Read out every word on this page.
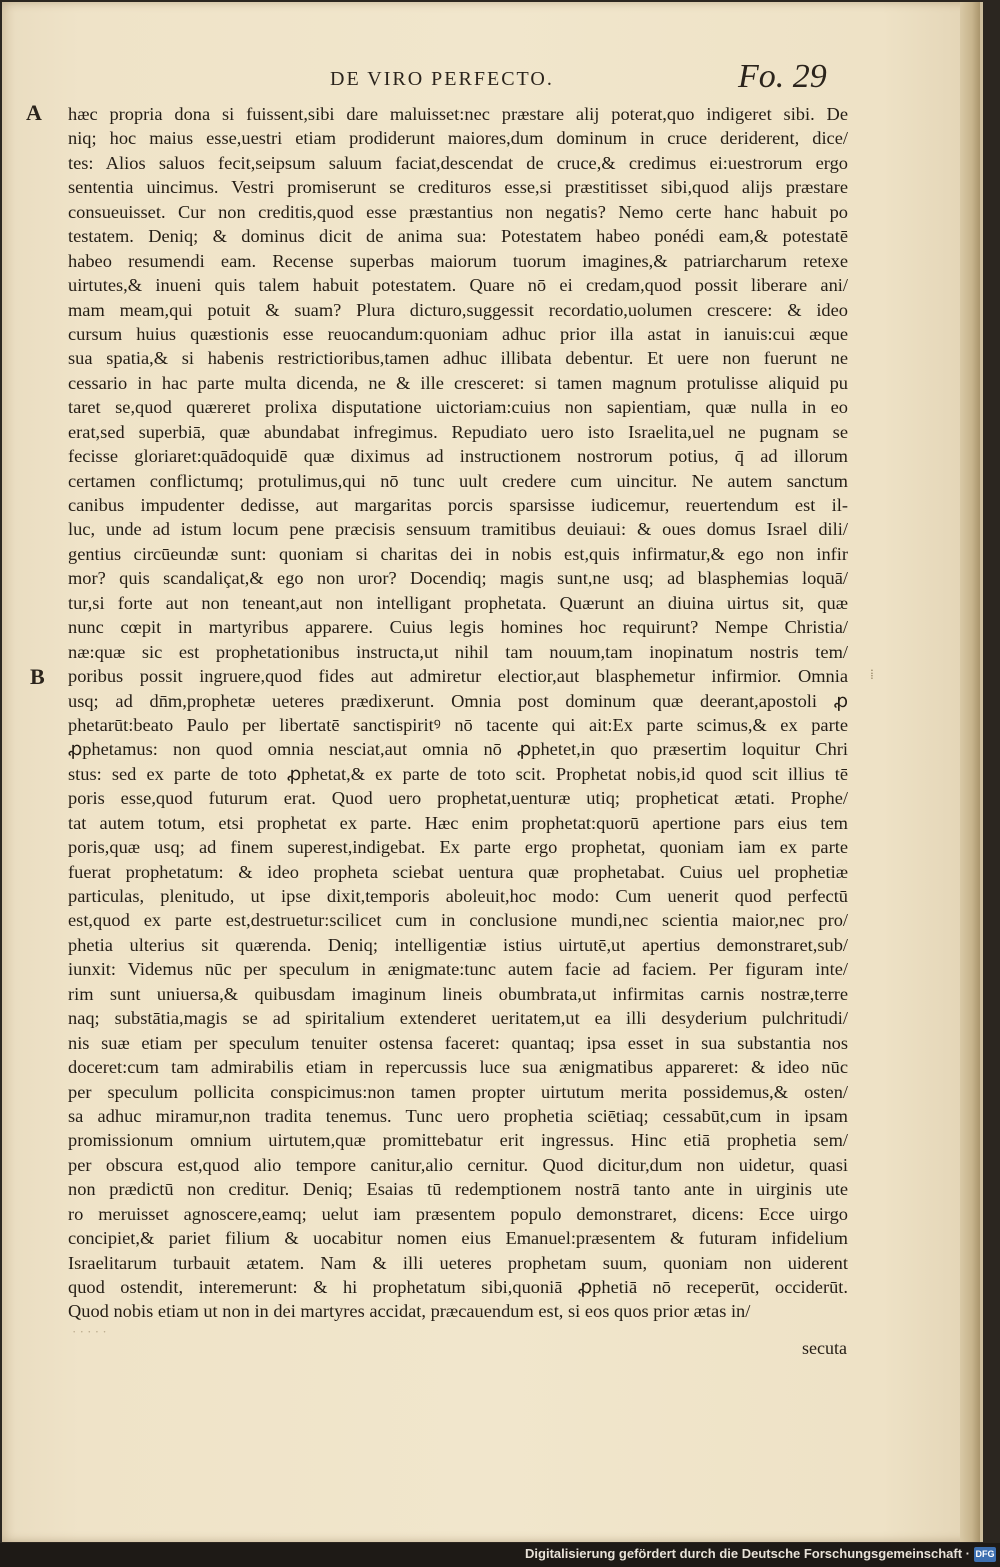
DE VIRO PERFECTO.	Fo. 29
A
B
hæc propria dona si fuissent,sibi dare maluisset:nec præstare alij poterat,quo indigeret sibi. De
niq; hoc maius esse,uestri etiam prodiderunt maiores,dum dominum in cruce deriderent, dice/
tes: Alios saluos fecit,seipsum saluum faciat,descendat de cruce,& credimus ei:uestrorum ergo
sententia uincimus. Vestri promiserunt se credituros esse,si præstitisset sibi,quod alijs præstare
consueuisset. Cur non creditis,quod esse præstantius non negatis? Nemo certe hanc habuit po
testatem. Deniq; & dominus dicit de anima sua: Potestatem habeo ponédi eam,& potestatē
habeo resumendi eam. Recense superbas maiorum tuorum imagines,& patriarcharum retexe
uirtutes,& inueni quis talem habuit potestatem. Quare nō ei credam,quod possit liberare ani/
mam meam,qui potuit & suam? Plura dicturo,suggessit recordatio,uolumen crescere: & ideo
cursum huius quæstionis esse reuocandum:quoniam adhuc prior illa astat in ianuis:cui æque
sua spatia,& si habenis restrictioribus,tamen adhuc illibata debentur. Et uere non fuerunt ne
cessario in hac parte multa dicenda, ne & ille cresceret: si tamen magnum protulisse aliquid pu
taret se,quod quæreret prolixa disputatione uictoriam:cuius non sapientiam, quæ nulla in eo
erat,sed superbiā, quæ abundabat infregimus. Repudiato uero isto Israelita,uel ne pugnam se
fecisse gloriaret:quādoquidē quæ diximus ad instructionem nostrorum potius, q̄ ad illorum
certamen conflictumq; protulimus,qui nō tunc uult credere cum uincitur. Ne autem sanctum
canibus impudenter dedisse, aut margaritas porcis sparsisse iudicemur, reuertendum est il-
luc, unde ad istum locum pene præcisis sensuum tramitibus deuiaui: & oues domus Israel dili/
gentius circūeundæ sunt: quoniam si charitas dei in nobis est,quis infirmatur,& ego non infir
mor? quis scandaliçat,& ego non uror? Docendiq; magis sunt,ne usq; ad blasphemias loquā/
tur,si forte aut non teneant,aut non intelligant prophetata. Quærunt an diuina uirtus sit, quæ
nunc cœpit in martyribus apparere. Cuius legis homines hoc requirunt? Nempe Christia/
næ:quæ sic est prophetationibus instructa,ut nihil tam nouum,tam inopinatum nostris tem/
poribus possit ingruere,quod fides aut admiretur electior,aut blasphemetur infirmior. Omnia
usq; ad dn̄m,prophetæ ueteres prædixerunt. Omnia post dominum quæ deerant,apostoli ꝓ
phetarūt:beato Paulo per libertatē sanctispiritꝰ nō tacente qui ait:Ex parte scimus,& ex parte
ꝓphetamus: non quod omnia nesciat,aut omnia nō ꝓphetet,in quo præsertim loquitur Chri
stus: sed ex parte de toto ꝓphetat,& ex parte de toto scit. Prophetat nobis,id quod scit illius tē
poris esse,quod futurum erat. Quod uero prophetat,uenturæ utiq; propheticat ætati. Prophe/
tat autem totum, etsi prophetat ex parte. Hæc enim prophetat:quorū apertione pars eius tem
poris,quæ usq; ad finem superest,indigebat. Ex parte ergo prophetat, quoniam iam ex parte
fuerat prophetatum: & ideo propheta sciebat uentura quæ prophetabat. Cuius uel prophetiæ
particulas, plenitudo, ut ipse dixit,temporis aboleuit,hoc modo: Cum uenerit quod perfectū
est,quod ex parte est,destruetur:scilicet cum in conclusione mundi,nec scientia maior,nec pro/
phetia ulterius sit quærenda. Deniq; intelligentiæ istius uirtutē,ut apertius demonstraret,sub/
iunxit: Videmus nūc per speculum in ænigmate:tunc autem facie ad faciem. Per figuram inte/
rim sunt uniuersa,& quibusdam imaginum lineis obumbrata,ut infirmitas carnis nostræ,terre
naq; substātia,magis se ad spiritalium extenderet ueritatem,ut ea illi desyderium pulchritudi/
nis suæ etiam per speculum tenuiter ostensa faceret: quantaq; ipsa esset in sua substantia nos
doceret:cum tam admirabilis etiam in repercussis luce sua ænigmatibus appareret: & ideo nūc
per speculum pollicita conspicimus:non tamen propter uirtutum merita possidemus,& osten/
sa adhuc miramur,non tradita tenemus. Tunc uero prophetia sciētiaq; cessabūt,cum in ipsam
promissionum omnium uirtutem,quæ promittebatur erit ingressus. Hinc etiā prophetia sem/
per obscura est,quod alio tempore canitur,alio cernitur. Quod dicitur,dum non uidetur, quasi
non prædictū non creditur. Deniq; Esaias tū redemptionem nostrā tanto ante in uirginis ute
ro meruisset agnoscere,eamq; uelut iam præsentem populo demonstraret, dicens: Ecce uirgo
concipiet,& pariet filium & uocabitur nomen eius Emanuel:præsentem & futuram infidelium
Israelitarum turbauit ætatem. Nam & illi ueteres prophetam suum, quoniam non uiderent
quod ostendit, interemerunt: & hi prophetatum sibi,quoniā ꝓphetiā nō receperūt, occiderūt.
Quod nobis etiam ut non in dei martyres accidat, præcauendum est, si eos quos prior ætas in/
secuta
· · · · ·
⁞
Digitalisierung gefördert durch die Deutsche Forschungsgemeinschaft · DFG
